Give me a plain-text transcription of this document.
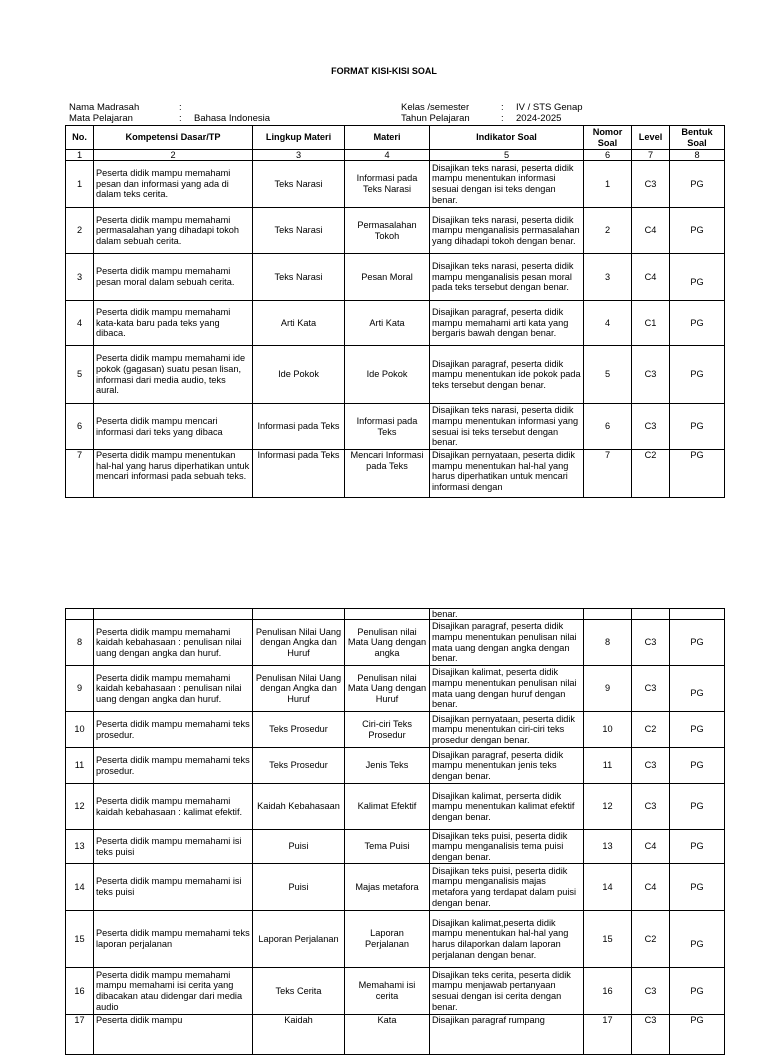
FORMAT KISI-KISI SOAL
Nama Madrasah	:
Mata Pelajaran	: Bahasa Indonesia
Kelas /semester	: IV / STS Genap
Tahun Pelajaran	: 2024-2025
No.	Kompetensi Dasar/TP	Lingkup Materi	Materi	Indikator Soal	Nomor Soal	Level	Bentuk Soal
1	2	3	4	5	6	7	8
1	Peserta didik mampu memahami pesan dan informasi yang ada di dalam teks cerita.	Teks Narasi	Informasi pada Teks Narasi	Disajikan teks narasi, peserta didik mampu menentukan informasi sesuai dengan isi teks dengan benar.	1	C3	PG
2	Peserta didik mampu memahami permasalahan yang dihadapi tokoh dalam sebuah cerita.	Teks Narasi	Permasalahan Tokoh	Disajikan teks narasi, peserta didik mampu menganalisis permasalahan yang dihadapi tokoh dengan benar.	2	C4	PG
3	Peserta didik mampu memahami pesan moral dalam sebuah cerita.	Teks Narasi	Pesan Moral	Disajikan teks narasi, peserta didik mampu menganalisis pesan moral pada teks tersebut dengan benar.	3	C4	PG
4	Peserta didik mampu memahami kata-kata baru pada teks yang dibaca.	Arti Kata	Arti Kata	Disajikan paragraf, peserta didik mampu memahami arti kata yang bergaris bawah dengan benar.	4	C1	PG
5	Peserta didik mampu memahami ide pokok (gagasan) suatu pesan lisan, informasi dari media audio, teks aural.	Ide Pokok	Ide Pokok	Disajikan paragraf, peserta didik mampu menentukan ide pokok pada teks tersebut dengan benar.	5	C3	PG
6	Peserta didik mampu mencari informasi dari teks yang dibaca	Informasi pada Teks	Informasi pada Teks	Disajikan teks narasi, peserta didik mampu menentukan informasi yang sesuai isi teks tersebut dengan benar.	6	C3	PG
7	Peserta didik mampu menentukan hal-hal yang harus diperhatikan untuk mencari informasi pada sebuah teks.	Informasi pada Teks	Mencari Informasi pada Teks	Disajikan pernyataan, peserta didik mampu menentukan hal-hal yang harus diperhatikan untuk mencari informasi dengan	7	C2	PG
				benar.			
8	Peserta didik mampu memahami kaidah kebahasaan : penulisan nilai uang dengan angka dan huruf.	Penulisan Nilai Uang dengan Angka dan Huruf	Penulisan nilai Mata Uang dengan angka	Disajikan paragraf, peserta didik mampu menentukan penulisan nilai mata uang dengan angka dengan benar.	8	C3	PG
9	Peserta didik mampu memahami kaidah kebahasaan : penulisan nilai uang dengan angka dan huruf.	Penulisan Nilai Uang dengan Angka dan Huruf	Penulisan nilai Mata Uang dengan Huruf	Disajikan kalimat, peserta didik mampu menentukan penulisan nilai mata uang dengan huruf dengan benar.	9	C3	PG
10	Peserta didik mampu memahami teks prosedur.	Teks Prosedur	Ciri-ciri Teks Prosedur	Disajikan pernyataan, peserta didik mampu menentukan ciri-ciri teks prosedur dengan benar.	10	C2	PG
11	Peserta didik mampu memahami teks prosedur.	Teks Prosedur	Jenis Teks	Disajikan paragraf, peserta didik mampu menentukan jenis teks dengan benar.	11	C3	PG
12	Peserta didik mampu memahami kaidah kebahasaan : kalimat efektif.	Kaidah Kebahasaan	Kalimat Efektif	Disajikan kalimat, perserta didik mampu menentukan kalimat efektif dengan benar.	12	C3	PG
13	Peserta didik mampu memahami isi teks puisi	Puisi	Tema Puisi	Disajikan teks puisi, peserta didik mampu menganalisis tema puisi dengan benar.	13	C4	PG
14	Peserta didik mampu memahami isi teks puisi	Puisi	Majas metafora	Disajikan teks puisi, peserta didik mampu menganalisis majas metafora yang terdapat dalam puisi dengan benar.	14	C4	PG
15	Peserta didik mampu memahami teks laporan perjalanan	Laporan Perjalanan	Laporan Perjalanan	Disajikan kalimat,peserta didik mampu menentukan hal-hal yang harus dilaporkan dalam laporan perjalanan dengan benar.	15	C2	PG
16	Peserta didik mampu memahami mampu memahami isi cerita yang dibacakan atau didengar dari media audio	Teks Cerita	Memahami isi cerita	Disajikan teks cerita, peserta didik mampu menjawab pertanyaan sesuai dengan isi cerita dengan benar.	16	C3	PG
17	Peserta didik mampu	Kaidah	Kata	Disajikan paragraf rumpang	17	C3	PG
